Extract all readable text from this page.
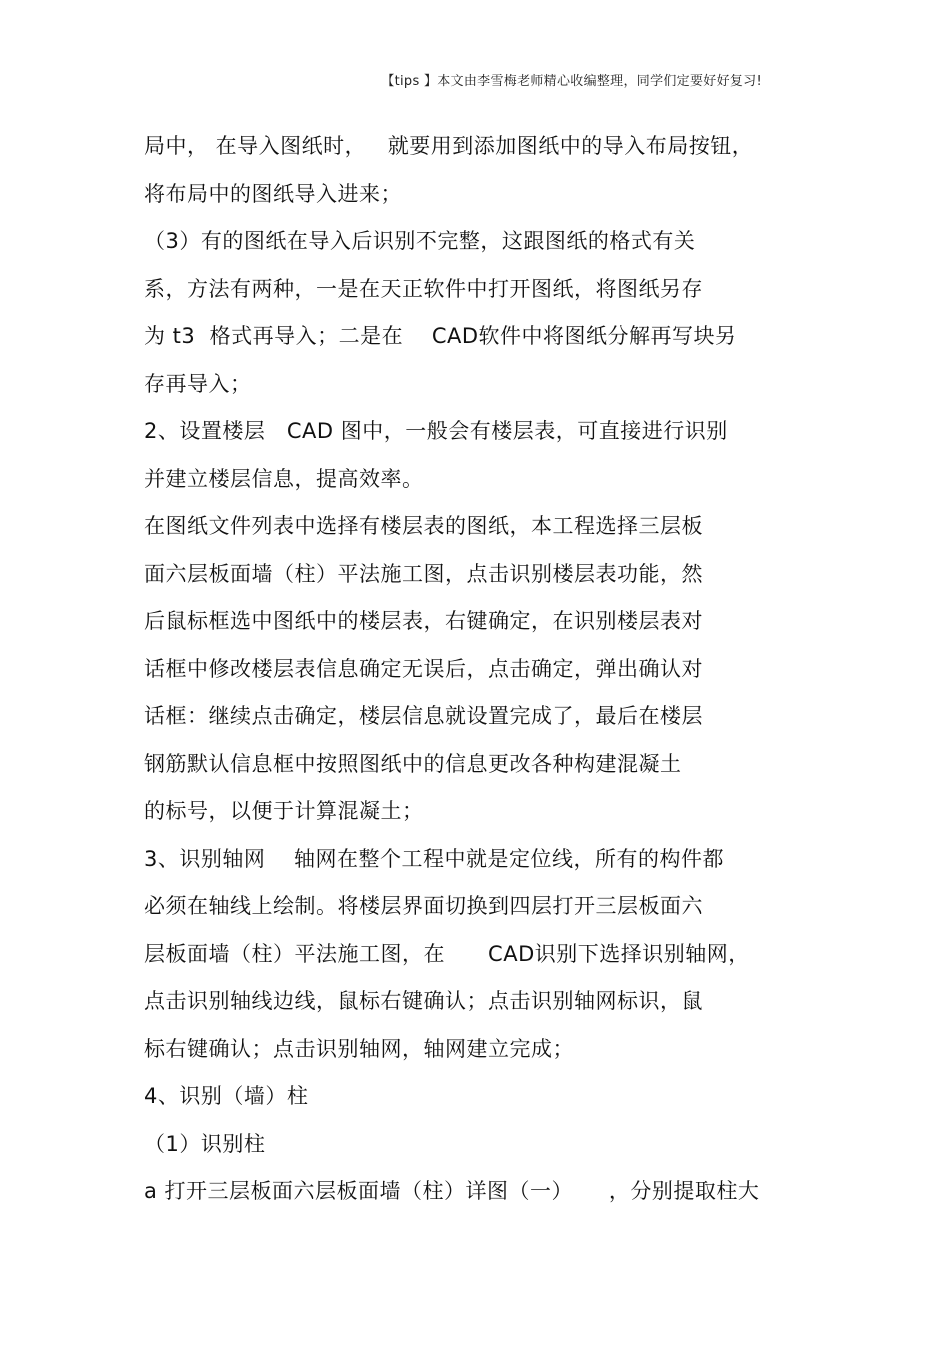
【tips 】本文由李雪梅老师精心收编整理，同学们定要好好复习!
局中， 在导入图纸时，   就要用到添加图纸中的导入布局按钮，
将布局中的图纸导入进来；
（3）有的图纸在导入后识别不完整，这跟图纸的格式有关
系，方法有两种，一是在天正软件中打开图纸，将图纸另存
为 t3  格式再导入；二是在    CAD软件中将图纸分解再写块另
存再导入；
2、设置楼层   CAD 图中，一般会有楼层表，可直接进行识别
并建立楼层信息，提高效率。
在图纸文件列表中选择有楼层表的图纸，本工程选择三层板
面六层板面墙（柱）平法施工图，点击识别楼层表功能，然
后鼠标框选中图纸中的楼层表，右键确定，在识别楼层表对
话框中修改楼层表信息确定无误后，点击确定，弹出确认对
话框：继续点击确定，楼层信息就设置完成了，最后在楼层
钢筋默认信息框中按照图纸中的信息更改各种构建混凝土
的标号，以便于计算混凝土；
3、识别轴网    轴网在整个工程中就是定位线，所有的构件都
必须在轴线上绘制。将楼层界面切换到四层打开三层板面六
层板面墙（柱）平法施工图，在      CAD识别下选择识别轴网，
点击识别轴线边线，鼠标右键确认；点击识别轴网标识，鼠
标右键确认；点击识别轴网，轴网建立完成；
4、识别（墙）柱
（1）识别柱
a 打开三层板面六层板面墙（柱）详图（一）     ，分别提取柱大
